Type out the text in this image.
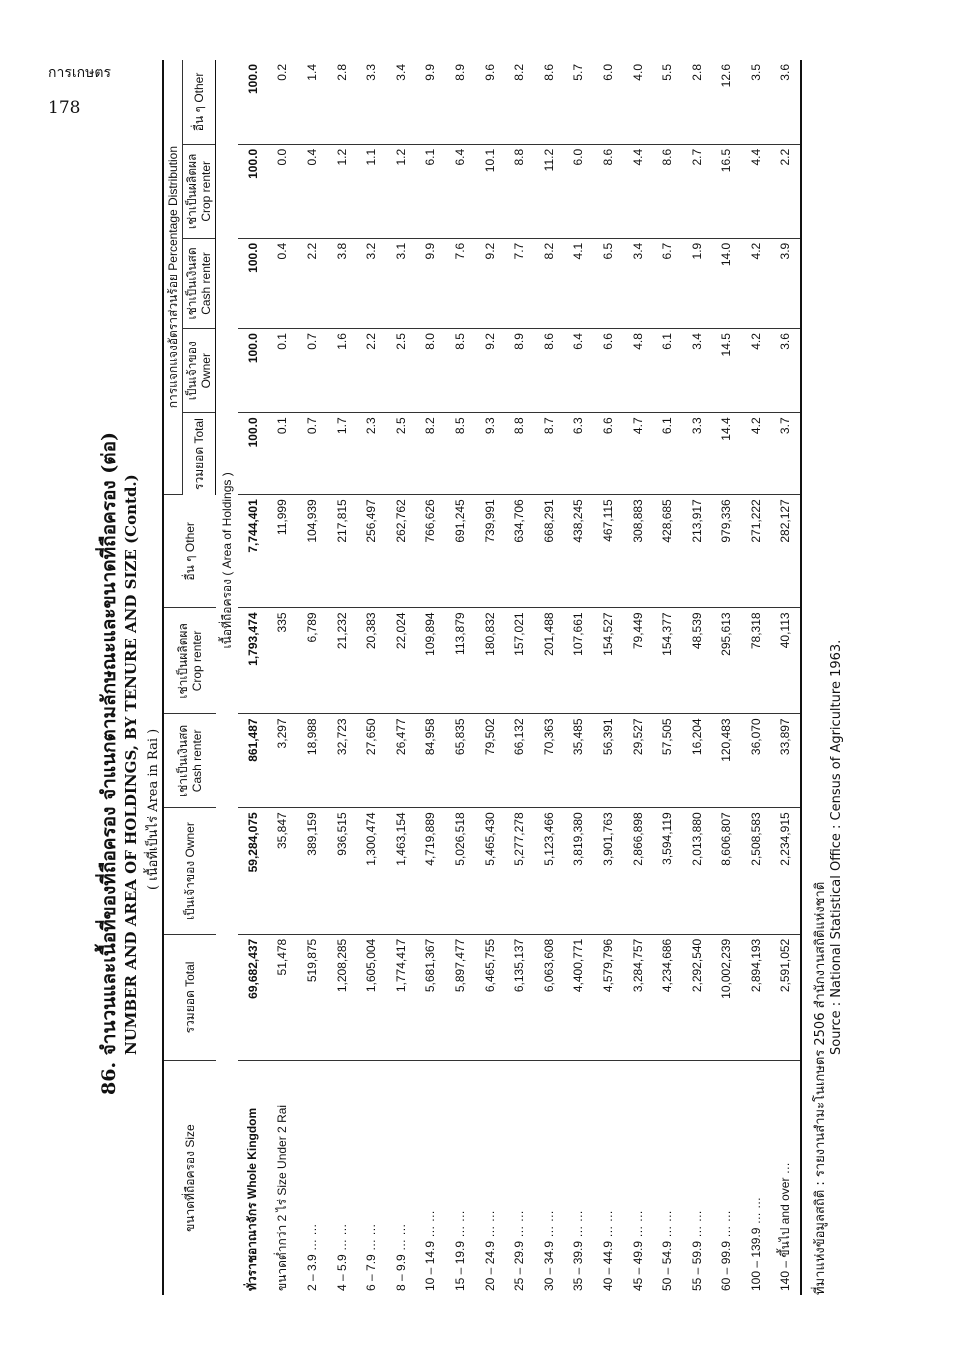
การเกษตร
178
86. จำนวนและเนื้อที่ของที่ถือครอง จำแนกตามลักษณะและขนาดที่ถือครอง (ต่อ) NUMBER AND AREA OF HOLDINGS, BY TENURE AND SIZE (Contd.) ( เนื้อที่เป็นไร่ Area in Rai )
ขนาดที่ถือครอง Size	รวมยอด Total	เป็นเจ้าของ Owner	เช่าเป็นเงินสด Cash renter	เช่าเป็นผลิตผล Crop renter	อื่น ๆ Other	การแจกแจงอัตราส่วนร้อย Percentage Distribution				
						รวมยอด Total	เป็นเจ้าของ Owner	เช่าเป็นเงินสด Cash renter	เช่าเป็นผลิตผล Crop renter	อื่น ๆ Other
	เนื้อที่ถือครอง ( Area of Holdings )									
ทั่วราชอาณาจักร Whole Kingdom	69,682,437	59,284,075	861,487	1,793,474	7,744,401	100.0	100.0	100.0	100.0	100.0
ขนาดต่ำกว่า 2 ไร่ Size Under 2 Rai	51,478	35,847	3,297	335	11,999	0.1	0.1	0.4	0.0	0.2
2 – 3.9 … …	519,875	389,159	18,988	6,789	104,939	0.7	0.7	2.2	0.4	1.4
4 – 5.9 … …	1,208,285	936,515	32,723	21,232	217,815	1.7	1.6	3.8	1.2	2.8
6 – 7.9 … …	1,605,004	1,300,474	27,650	20,383	256,497	2.3	2.2	3.2	1.1	3.3
8 – 9.9 … …	1,774,417	1,463,154	26,477	22,024	262,762	2.5	2.5	3.1	1.2	3.4
10 – 14.9 … …	5,681,367	4,719,889	84,958	109,894	766,626	8.2	8.0	9.9	6.1	9.9
15 – 19.9 … …	5,897,477	5,026,518	65,835	113,879	691,245	8.5	8.5	7.6	6.4	8.9
20 – 24.9 … …	6,465,755	5,465,430	79,502	180,832	739,991	9.3	9.2	9.2	10.1	9.6
25 – 29.9 … …	6,135,137	5,277,278	66,132	157,021	634,706	8.8	8.9	7.7	8.8	8.2
30 – 34.9 … …	6,063,608	5,123,466	70,363	201,488	668,291	8.7	8.6	8.2	11.2	8.6
35 – 39.9 … …	4,400,771	3,819,380	35,485	107,661	438,245	6.3	6.4	4.1	6.0	5.7
40 – 44.9 … …	4,579,796	3,901,763	56,391	154,527	467,115	6.6	6.6	6.5	8.6	6.0
45 – 49.9 … …	3,284,757	2,866,898	29,527	79,449	308,883	4.7	4.8	3.4	4.4	4.0
50 – 54.9 … …	4,234,686	3,594,119	57,505	154,377	428,685	6.1	6.1	6.7	8.6	5.5
55 – 59.9 … …	2,292,540	2,013,880	16,204	48,539	213,917	3.3	3.4	1.9	2.7	2.8
60 – 99.9 … …	10,002,239	8,606,807	120,483	295,613	979,336	14.4	14.5	14.0	16.5	12.6
100 – 139.9 … …	2,894,193	2,508,583	36,070	78,318	271,222	4.2	4.2	4.2	4.4	3.5
140 – ขึ้นไป and over …	2,591,052	2,234,915	33,897	40,113	282,127	3.7	3.6	3.9	2.2	3.6
ที่มาแห่งข้อมูลสถิติ : รายงานสำมะโนเกษตร 2506 สำนักงานสถิติแห่งชาติ
Source : National Statistical Office : Census of Agriculture 1963.
